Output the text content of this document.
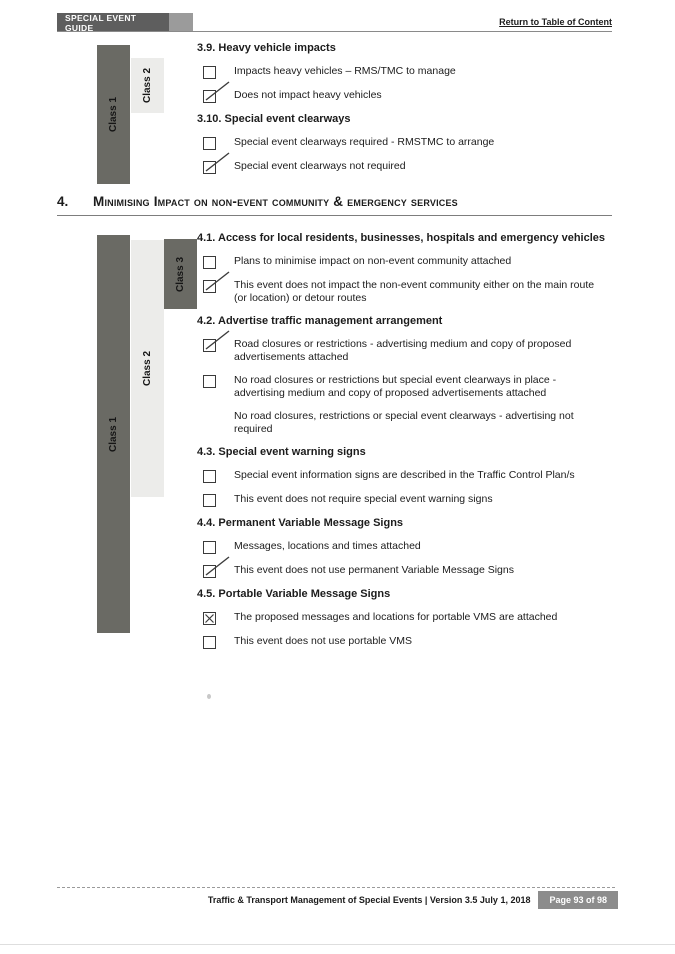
SPECIAL EVENT GUIDE
Return to Table of Content
Class 1
Class 2
3.9. Heavy vehicle impacts
Impacts heavy vehicles – RMS/TMC to manage
Does not impact heavy vehicles
3.10. Special event clearways
Special event clearways required - RMSTMC to arrange
Special event clearways not required
4.	Minimising Impact on non-event community & emergency services
Class 1
Class 2
Class 3
4.1. Access for local residents, businesses, hospitals and emergency vehicles
Plans to minimise impact on non-event community attached
This event does not impact the non-event community either on the main route (or location) or detour routes
4.2. Advertise traffic management arrangement
Road closures or restrictions - advertising medium and copy of proposed advertisements attached
No road closures or restrictions but special event clearways in place - advertising medium and copy of proposed advertisements attached
No road closures, restrictions or special event clearways - advertising not required
4.3. Special event warning signs
Special event information signs are described in the Traffic Control Plan/s
This event does not require special event warning signs
4.4. Permanent Variable Message Signs
Messages, locations and times attached
This event does not use permanent Variable Message Signs
4.5. Portable Variable Message Signs
The proposed messages and locations for portable VMS are attached
This event does not use portable VMS
Traffic & Transport Management of Special Events | Version 3.5 July 1, 2018	Page 93 of 98
